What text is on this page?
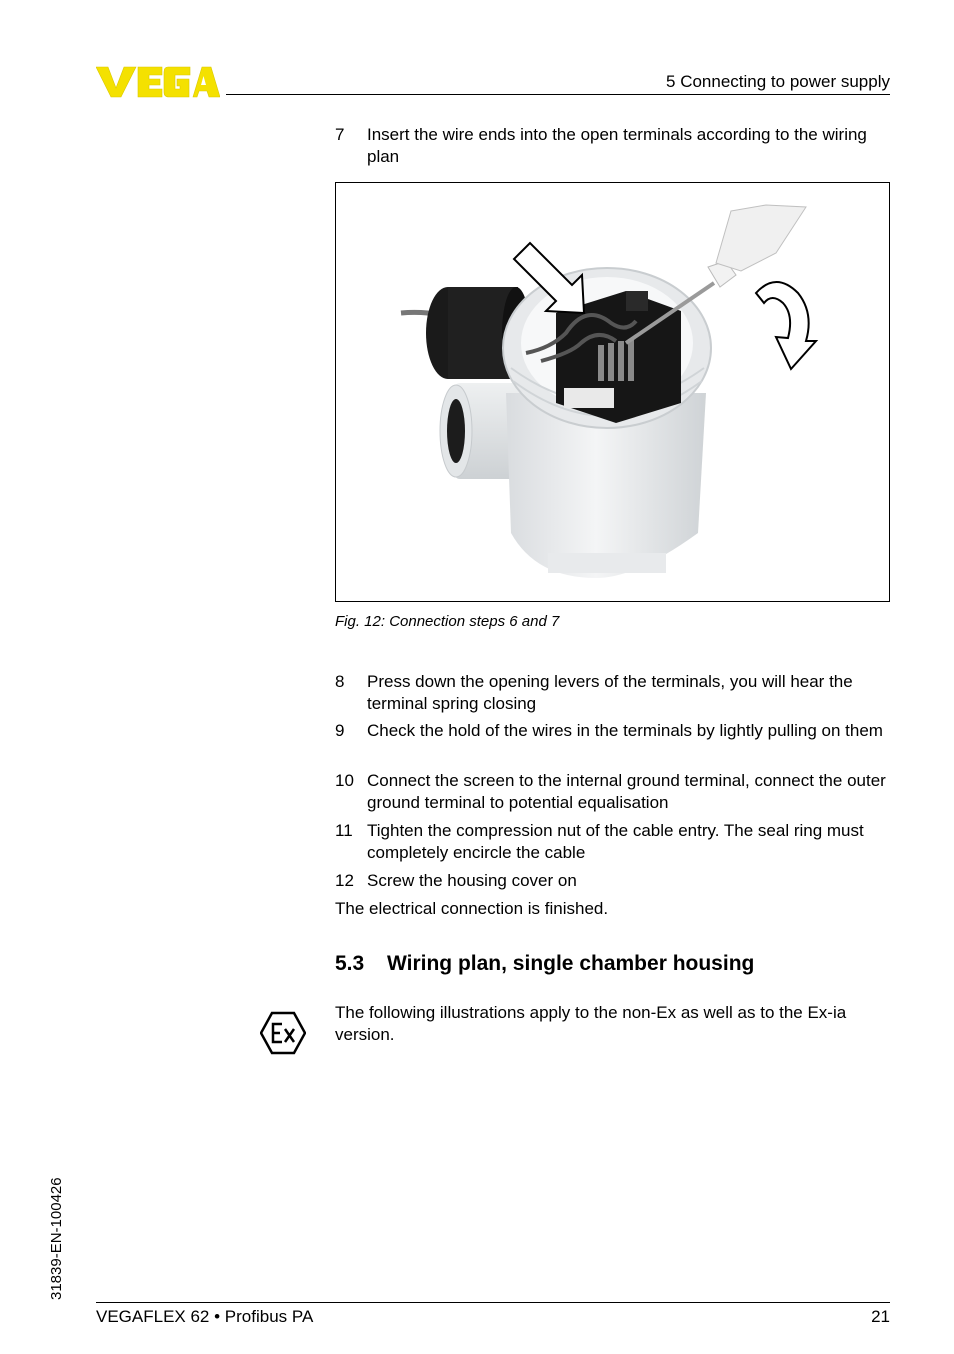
5 Connecting to power supply
7 Insert the wire ends into the open terminals according to the wiring plan
Fig. 12: Connection steps 6 and 7
8 Press down the opening levers of the terminals, you will hear the terminal spring closing
9 Check the hold of the wires in the terminals by lightly pulling on them
10 Connect the screen to the internal ground terminal, connect the outer ground terminal to potential equalisation
11 Tighten the compression nut of the cable entry. The seal ring must completely encircle the cable
12 Screw the housing cover on
The electrical connection is finished.
5.3 Wiring plan, single chamber housing
The following illustrations apply to the non-Ex as well as to the Ex-ia version.
31839-EN-100426
VEGAFLEX 62 • Profibus PA	21
